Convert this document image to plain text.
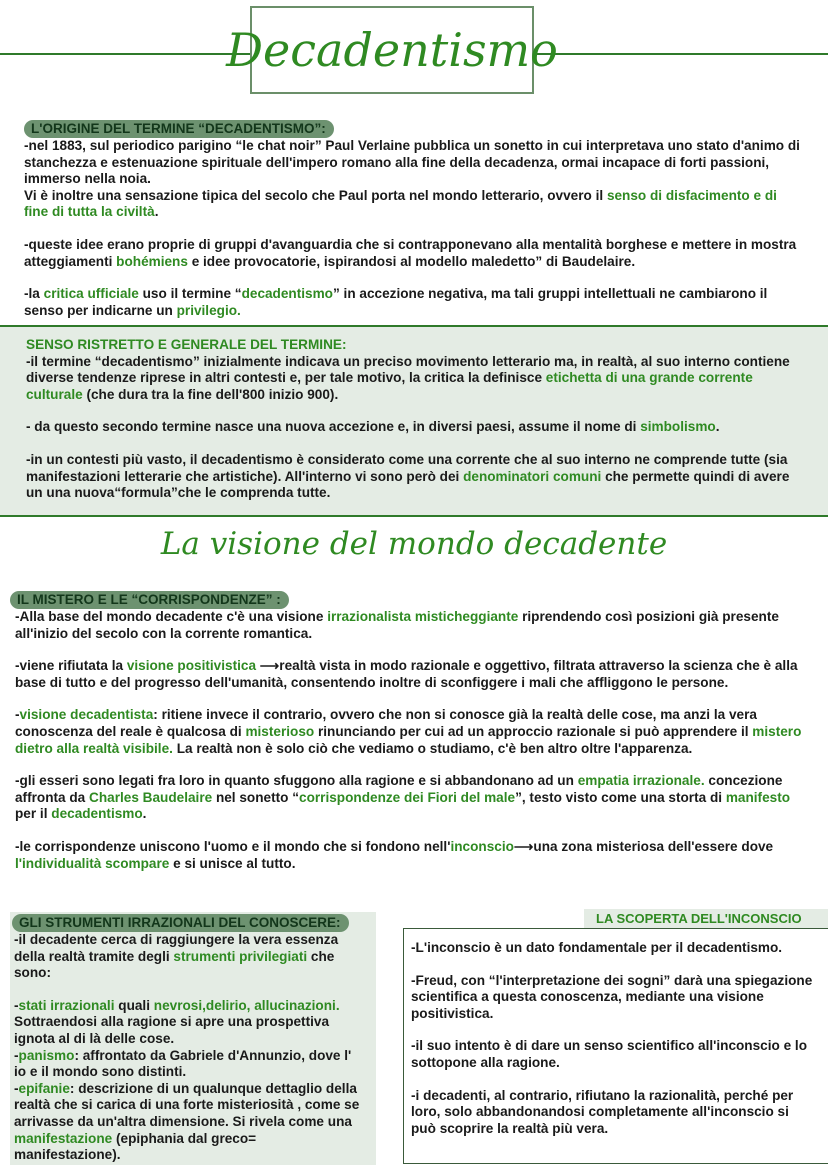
Decadentismo
L'ORIGINE DEL TERMINE “DECADENTISMO”:

-nel 1883, sul periodico parigino “le chat noir” Paul Verlaine pubblica un sonetto in cui interpretava uno stato d'animo di stanchezza e estenuazione spirituale dell'impero romano alla fine della decadenza, ormai incapace di forti passioni, immerso nella noia.

Vi è inoltre una sensazione tipica del secolo che Paul porta nel mondo letterario, ovvero il senso di disfacimento e di fine di tutta la civiltà.

-queste idee erano proprie di gruppi d'avanguardia che si contrapponevano alla mentalità borghese e mettere in mostra atteggiamenti bohémiens e idee provocatorie, ispirandosi al modello maledetto” di Baudelaire.

-la critica ufficiale uso il termine “decadentismo” in accezione negativa, ma tali gruppi intellettuali ne cambiarono il senso per indicarne un privilegio.

SENSO RISTRETTO E GENERALE DEL TERMINE:

-il termine “decadentismo” inizialmente indicava un preciso movimento letterario ma, in realtà, al suo interno contiene diverse tendenze riprese in altri contesti e, per tale motivo, la critica la definisce etichetta di una grande corrente culturale (che dura tra la fine dell'800 inizio 900).

- da questo secondo termine nasce una nuova accezione e, in diversi paesi, assume il nome di simbolismo.

-in un contesti più vasto, il decadentismo è considerato come una corrente che al suo interno ne comprende tutte (sia manifestazioni letterarie che artistiche). All'interno vi sono però dei denominatori comuni che permette quindi di avere un una nuova“formula”che le comprenda tutte.

La visione del mondo decadente
IL MISTERO E LE “CORRISPONDENZE” :

-Alla base del mondo decadente c'è una visione irrazionalista misticheggiante riprendendo così posizioni già presente all'inizio del secolo con la corrente romantica.

-viene rifiutata la visione positivistica ⟶realtà vista in modo razionale e oggettivo, filtrata attraverso la scienza che è alla base di tutto e del progresso dell'umanità, consentendo inoltre di sconfiggere i mali che affliggono le persone.

-visione decadentista: ritiene invece il contrario, ovvero che non si conosce già la realtà delle cose, ma anzi la vera conoscenza del reale è qualcosa di misterioso rinunciando per cui ad un approccio razionale si può apprendere il mistero dietro alla realtà visibile. La realtà non è solo ciò che vediamo o studiamo, c'è ben altro oltre l'apparenza.

-gli esseri sono legati fra loro in quanto sfuggono alla ragione e si abbandonano ad un empatia irrazionale. concezione affronta da Charles Baudelaire nel sonetto “corrispondenze dei Fiori del male”, testo visto come una storta di manifesto per il decadentismo.

-le corrispondenze uniscono l'uomo e il mondo che si fondono nell'inconscio⟶una zona misteriosa dell'essere dove l'individualità scompare e si unisce al tutto.

GLI STRUMENTI IRRAZIONALI DEL CONOSCERE:

-il decadente cerca di raggiungere la vera essenza della realtà tramite degli strumenti privilegiati che sono:

-stati irrazionali quali nevrosi,delirio, allucinazioni. Sottraendosi alla ragione si apre una prospettiva ignota al di là delle cose.

-panismo: affrontato da Gabriele d'Annunzio, dove l' io e il mondo sono distinti.

-epifanie: descrizione di un qualunque dettaglio della realtà che si carica di una forte misteriosità , come se arrivasse da un'altra dimensione. Si rivela come una manifestazione (epiphania dal greco= manifestazione).

LA SCOPERTA DELL'INCONSCIO

-L'inconscio è un dato fondamentale per il decadentismo.

-Freud, con “l'interpretazione dei sogni” darà una spiegazione scientifica a questa conoscenza, mediante una visione positivistica.

-il suo intento è di dare un senso scientifico all'inconscio e lo sottopone alla ragione.

-i decadenti, al contrario, rifiutano la razionalità, perché per loro, solo abbandonandosi completamente all'inconscio si può scoprire la realtà più vera.
